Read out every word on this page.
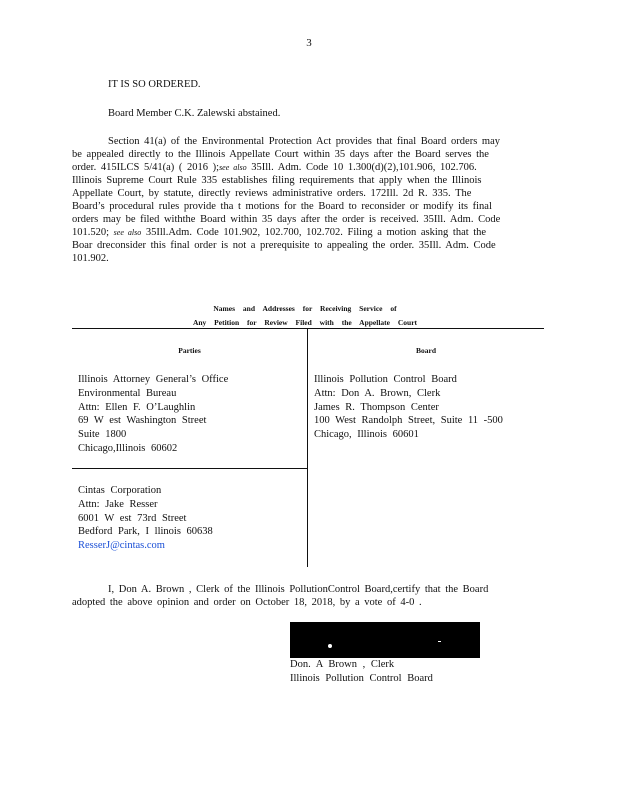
3
IT IS SO ORDERED.
Board Member C.K. Zalewski abstained.

Section 41(a) of the Environmental Protection Act provides that final Board orders may

be appealed directly to the Illinois Appellate Court within 35 days after the Board serves the

order. 415ILCS 5/41(a) ( 2016 );see also 35Ill. Adm. Code 10 1.300(d)(2),101.906, 102.706.

Illinois Supreme Court Rule 335 establishes filing requirements that apply when the Illinois

Appellate Court, by statute, directly reviews administrative orders. 172Ill. 2d R. 335. The

Board’s procedural rules provide tha t motions for the Board to reconsider or modify its final

orders may be filed withthe Board within 35 days after the order is received. 35Ill. Adm. Code

101.520; see also 35Ill.Adm. Code 101.902, 102.700, 102.702. Filing a motion asking that the

Boar dreconsider this final order is not a prerequisite to appealing the order. 35Ill. Adm. Code

101.902.

Names and Addresses for Receiving Service of
Any Petition for Review Filed with the Appellate Court
Parties	Board

Illinois Attorney General’s Office

Environmental Bureau

Attn: Ellen F. O’Laughlin

69 W est Washington Street

Suite 1800

Chicago,Illinois 60602

Cintas Corporation

Attn: Jake Resser

6001 W est 73rd Street

Bedford Park, I llinois 60638

ResserJ@cintas.com

Illinois Pollution Control Board

Attn: Don A. Brown, Clerk

James R. Thompson Center

100 West Randolph Street, Suite 11 -500

Chicago, Illinois 60601

I, Don A. Brown , Clerk of the Illinois PollutionControl Board,certify that the Board

adopted the above opinion and order on October 18, 2018, by a vote of 4-0 .

Don. A Brown , Clerk

Illinois Pollution Control Board
